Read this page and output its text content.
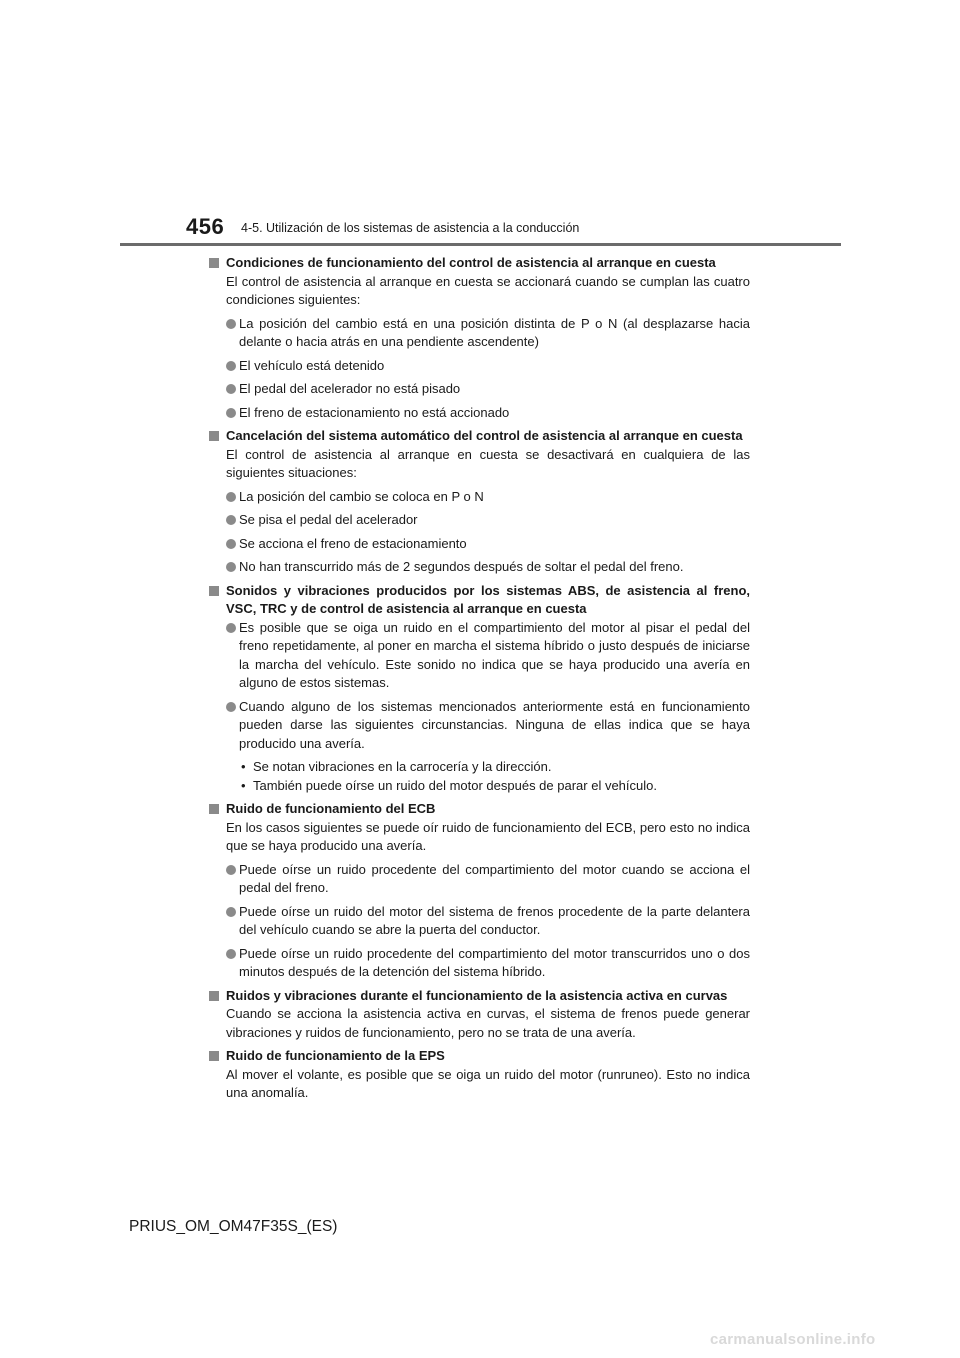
456 4-5. Utilización de los sistemas de asistencia a la conducción
Condiciones de funcionamiento del control de asistencia al arranque en cuesta
El control de asistencia al arranque en cuesta se accionará cuando se cumplan las cuatro condiciones siguientes:
La posición del cambio está en una posición distinta de P o N (al desplazarse hacia delante o hacia atrás en una pendiente ascendente)
El vehículo está detenido
El pedal del acelerador no está pisado
El freno de estacionamiento no está accionado
Cancelación del sistema automático del control de asistencia al arranque en cuesta
El control de asistencia al arranque en cuesta se desactivará en cualquiera de las siguientes situaciones:
La posición del cambio se coloca en P o N
Se pisa el pedal del acelerador
Se acciona el freno de estacionamiento
No han transcurrido más de 2 segundos después de soltar el pedal del freno.
Sonidos y vibraciones producidos por los sistemas ABS, de asistencia al freno, VSC, TRC y de control de asistencia al arranque en cuesta
Es posible que se oiga un ruido en el compartimiento del motor al pisar el pedal del freno repetidamente, al poner en marcha el sistema híbrido o justo después de iniciarse la marcha del vehículo. Este sonido no indica que se haya producido una avería en alguno de estos sistemas.
Cuando alguno de los sistemas mencionados anteriormente está en funcionamiento pueden darse las siguientes circunstancias. Ninguna de ellas indica que se haya producido una avería.
• Se notan vibraciones en la carrocería y la dirección.
• También puede oírse un ruido del motor después de parar el vehículo.
Ruido de funcionamiento del ECB
En los casos siguientes se puede oír ruido de funcionamiento del ECB, pero esto no indica que se haya producido una avería.
Puede oírse un ruido procedente del compartimiento del motor cuando se acciona el pedal del freno.
Puede oírse un ruido del motor del sistema de frenos procedente de la parte delantera del vehículo cuando se abre la puerta del conductor.
Puede oírse un ruido procedente del compartimiento del motor transcurridos uno o dos minutos después de la detención del sistema híbrido.
Ruidos y vibraciones durante el funcionamiento de la asistencia activa en curvas
Cuando se acciona la asistencia activa en curvas, el sistema de frenos puede generar vibraciones y ruidos de funcionamiento, pero no se trata de una avería.
Ruido de funcionamiento de la EPS
Al mover el volante, es posible que se oiga un ruido del motor (runruneo). Esto no indica una anomalía.
PRIUS_OM_OM47F35S_(ES)
carmanualsonline.info
